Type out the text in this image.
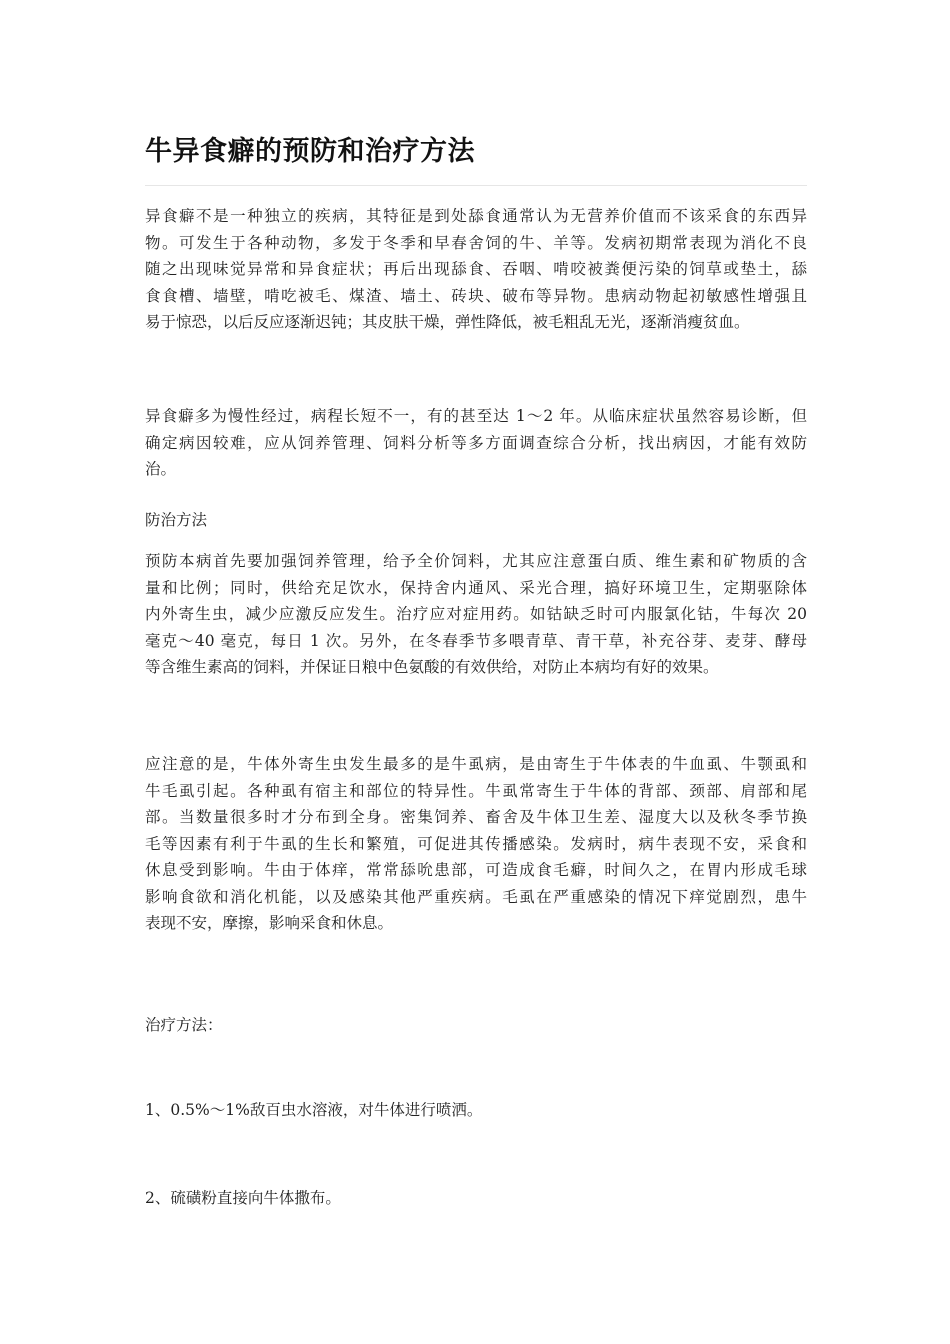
牛异食癖的预防和治疗方法

异食癖不是一种独立的疾病，其特征是到处舔食通常认为无营养价值而不该采食的东西异
物。可发生于各种动物，多发于冬季和早春舍饲的牛、羊等。发病初期常表现为消化不良
随之出现味觉异常和异食症状；再后出现舔食、吞咽、啃咬被粪便污染的饲草或垫土，舔
食食槽、墙壁，啃吃被毛、煤渣、墙土、砖块、破布等异物。患病动物起初敏感性增强且
易于惊恐，以后反应逐渐迟钝；其皮肤干燥，弹性降低，被毛粗乱无光，逐渐消瘦贫血。

异食癖多为慢性经过，病程长短不一，有的甚至达 1～2 年。从临床症状虽然容易诊断，但
确定病因较难，应从饲养管理、饲料分析等多方面调查综合分析，找出病因，才能有效防
治。

防治方法

预防本病首先要加强饲养管理，给予全价饲料，尤其应注意蛋白质、维生素和矿物质的含
量和比例；同时，供给充足饮水，保持舍内通风、采光合理，搞好环境卫生，定期驱除体
内外寄生虫，减少应激反应发生。治疗应对症用药。如钴缺乏时可内服氯化钴，牛每次 20
毫克～40 毫克，每日 1 次。另外，在冬春季节多喂青草、青干草，补充谷芽、麦芽、酵母
等含维生素高的饲料，并保证日粮中色氨酸的有效供给，对防止本病均有好的效果。

应注意的是，牛体外寄生虫发生最多的是牛虱病，是由寄生于牛体表的牛血虱、牛颚虱和
牛毛虱引起。各种虱有宿主和部位的特异性。牛虱常寄生于牛体的背部、颈部、肩部和尾
部。当数量很多时才分布到全身。密集饲养、畜舍及牛体卫生差、湿度大以及秋冬季节换
毛等因素有利于牛虱的生长和繁殖，可促进其传播感染。发病时，病牛表现不安，采食和
休息受到影响。牛由于体痒，常常舔吮患部，可造成食毛癖，时间久之，在胃内形成毛球
影响食欲和消化机能，以及感染其他严重疾病。毛虱在严重感染的情况下痒觉剧烈，患牛
表现不安，摩擦，影响采食和休息。

治疗方法：

1、0.5%～1%敌百虫水溶液，对牛体进行喷洒。

2、硫磺粉直接向牛体撒布。
